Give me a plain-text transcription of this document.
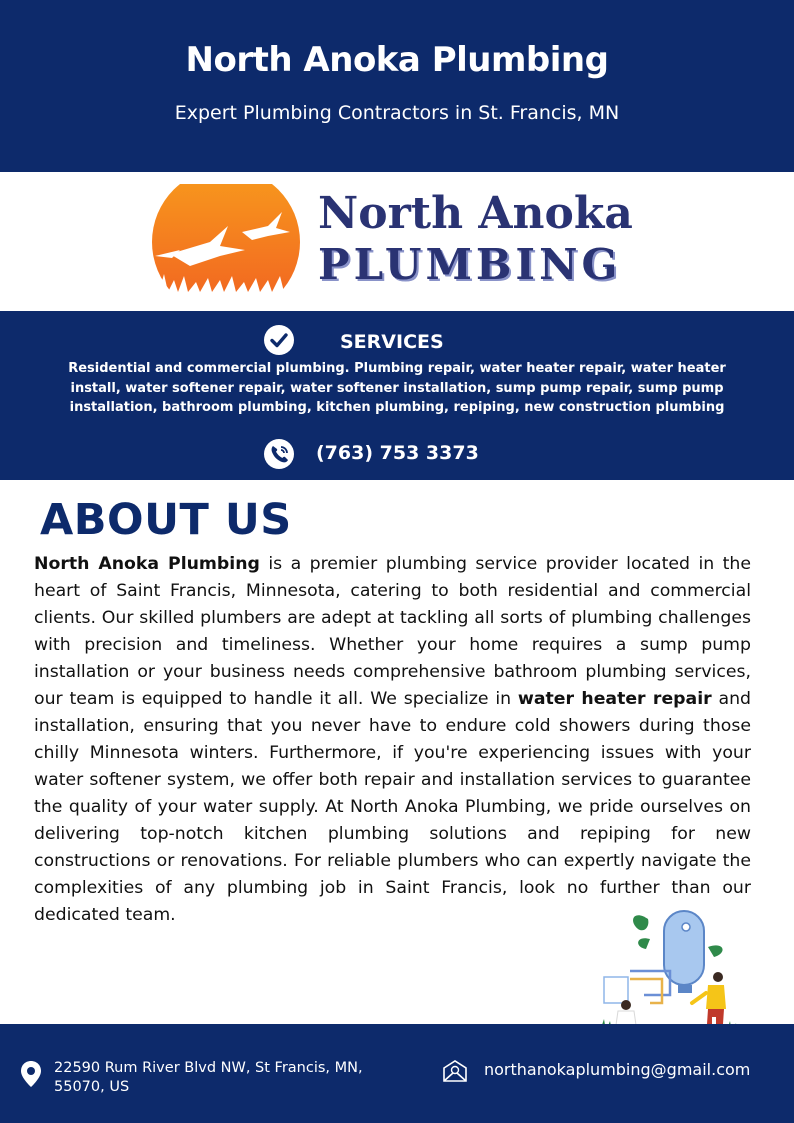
North Anoka Plumbing
Expert Plumbing Contractors in St. Francis, MN
North Anoka
PLUMBING
SERVICES
Residential and commercial plumbing. Plumbing repair, water heater repair, water heater install, water softener repair, water softener installation, sump pump repair, sump pump installation, bathroom plumbing, kitchen plumbing, repiping, new construction plumbing
(763) 753 3373
ABOUT US

North Anoka Plumbing is a premier plumbing service provider located in the heart of Saint Francis, Minnesota, catering to both residential and commercial clients. Our skilled plumbers are adept at tackling all sorts of plumbing challenges with precision and timeliness. Whether your home requires a sump pump installation or your business needs comprehensive bathroom plumbing services, our team is equipped to handle it all. We specialize in water heater repair and installation, ensuring that you never have to endure cold showers during those chilly Minnesota winters. Furthermore, if you're experiencing issues with your water softener system, we offer both repair and installation services to guarantee the quality of your water supply. At North Anoka Plumbing, we pride ourselves on delivering top-notch kitchen plumbing solutions and repiping for new constructions or renovations. For reliable plumbers who can expertly navigate the complexities of any plumbing job in Saint Francis, look no further than our dedicated team.

22590 Rum River Blvd NW, St Francis, MN,
55070, US
northanokaplumbing@gmail.com
